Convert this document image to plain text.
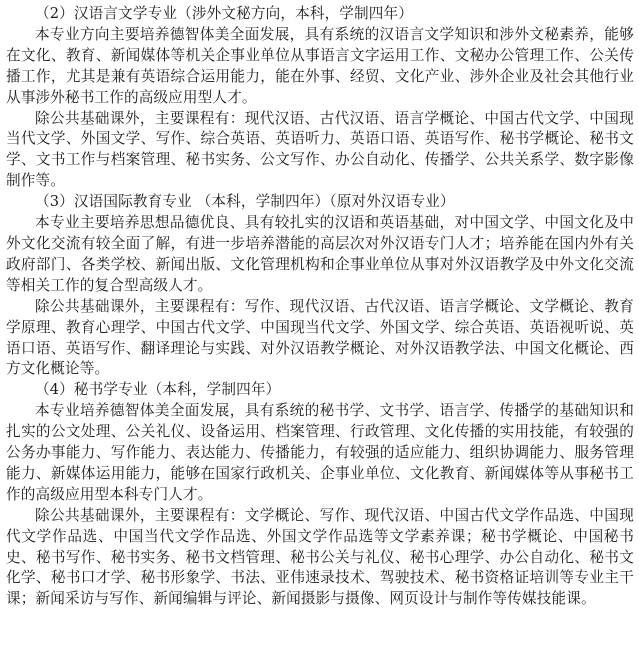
（2）汉语言文学专业（涉外文秘方向，本科，学制四年）

本专业方向主要培养德智体美全面发展，具有系统的汉语言文学知识和涉外文秘素养，能够在文化、教育、新闻媒体等机关企事业单位从事语言文字运用工作、文秘办公管理工作、公关传播工作，尤其是兼有英语综合运用能力，能在外事、经贸、文化产业、涉外企业及社会其他行业从事涉外秘书工作的高级应用型人才。

除公共基础课外，主要课程有：现代汉语、古代汉语、语言学概论、中国古代文学、中国现当代文学、外国文学、写作、综合英语、英语听力、英语口语、英语写作、秘书学概论、秘书文学、文书工作与档案管理、秘书实务、公文写作、办公自动化、传播学、公共关系学、数字影像制作等。

（3）汉语国际教育专业 （本科，学制四年）（原对外汉语专业）

本专业主要培养思想品德优良、具有较扎实的汉语和英语基础，对中国文学、中国文化及中外文化交流有较全面了解，有进一步培养潜能的高层次对外汉语专门人才；培养能在国内外有关政府部门、各类学校、新闻出版、文化管理机构和企事业单位从事对外汉语教学及中外文化交流等相关工作的复合型高级人才。

除公共基础课外，主要课程有：写作、现代汉语、古代汉语、语言学概论、文学概论、教育学原理、教育心理学、中国古代文学、中国现当代文学、外国文学、综合英语、英语视听说、英语口语、英语写作、翻译理论与实践、对外汉语教学概论、对外汉语教学法、中国文化概论、西方文化概论等。

（4）秘书学专业（本科，学制四年）

本专业培养德智体美全面发展，具有系统的秘书学、文书学、语言学、传播学的基础知识和扎实的公文处理、公关礼仪、设备运用、档案管理、行政管理、文化传播的实用技能，有较强的公务办事能力、写作能力、表达能力、传播能力，有较强的适应能力、组织协调能力、服务管理能力、新媒体运用能力，能够在国家行政机关、企事业单位、文化教育、新闻媒体等从事秘书工作的高级应用型本科专门人才。

除公共基础课外，主要课程有：文学概论、写作、现代汉语、中国古代文学作品选、中国现代文学作品选、中国当代文学作品选、外国文学作品选等文学素养课；秘书学概论、中国秘书史、秘书写作、秘书实务、秘书文档管理、秘书公关与礼仪、秘书心理学、办公自动化、秘书文化学、秘书口才学、秘书形象学、书法、亚伟速录技术、驾驶技术、秘书资格证培训等专业主干课；新闻采访与写作、新闻编辑与评论、新闻摄影与摄像、网页设计与制作等传媒技能课。
